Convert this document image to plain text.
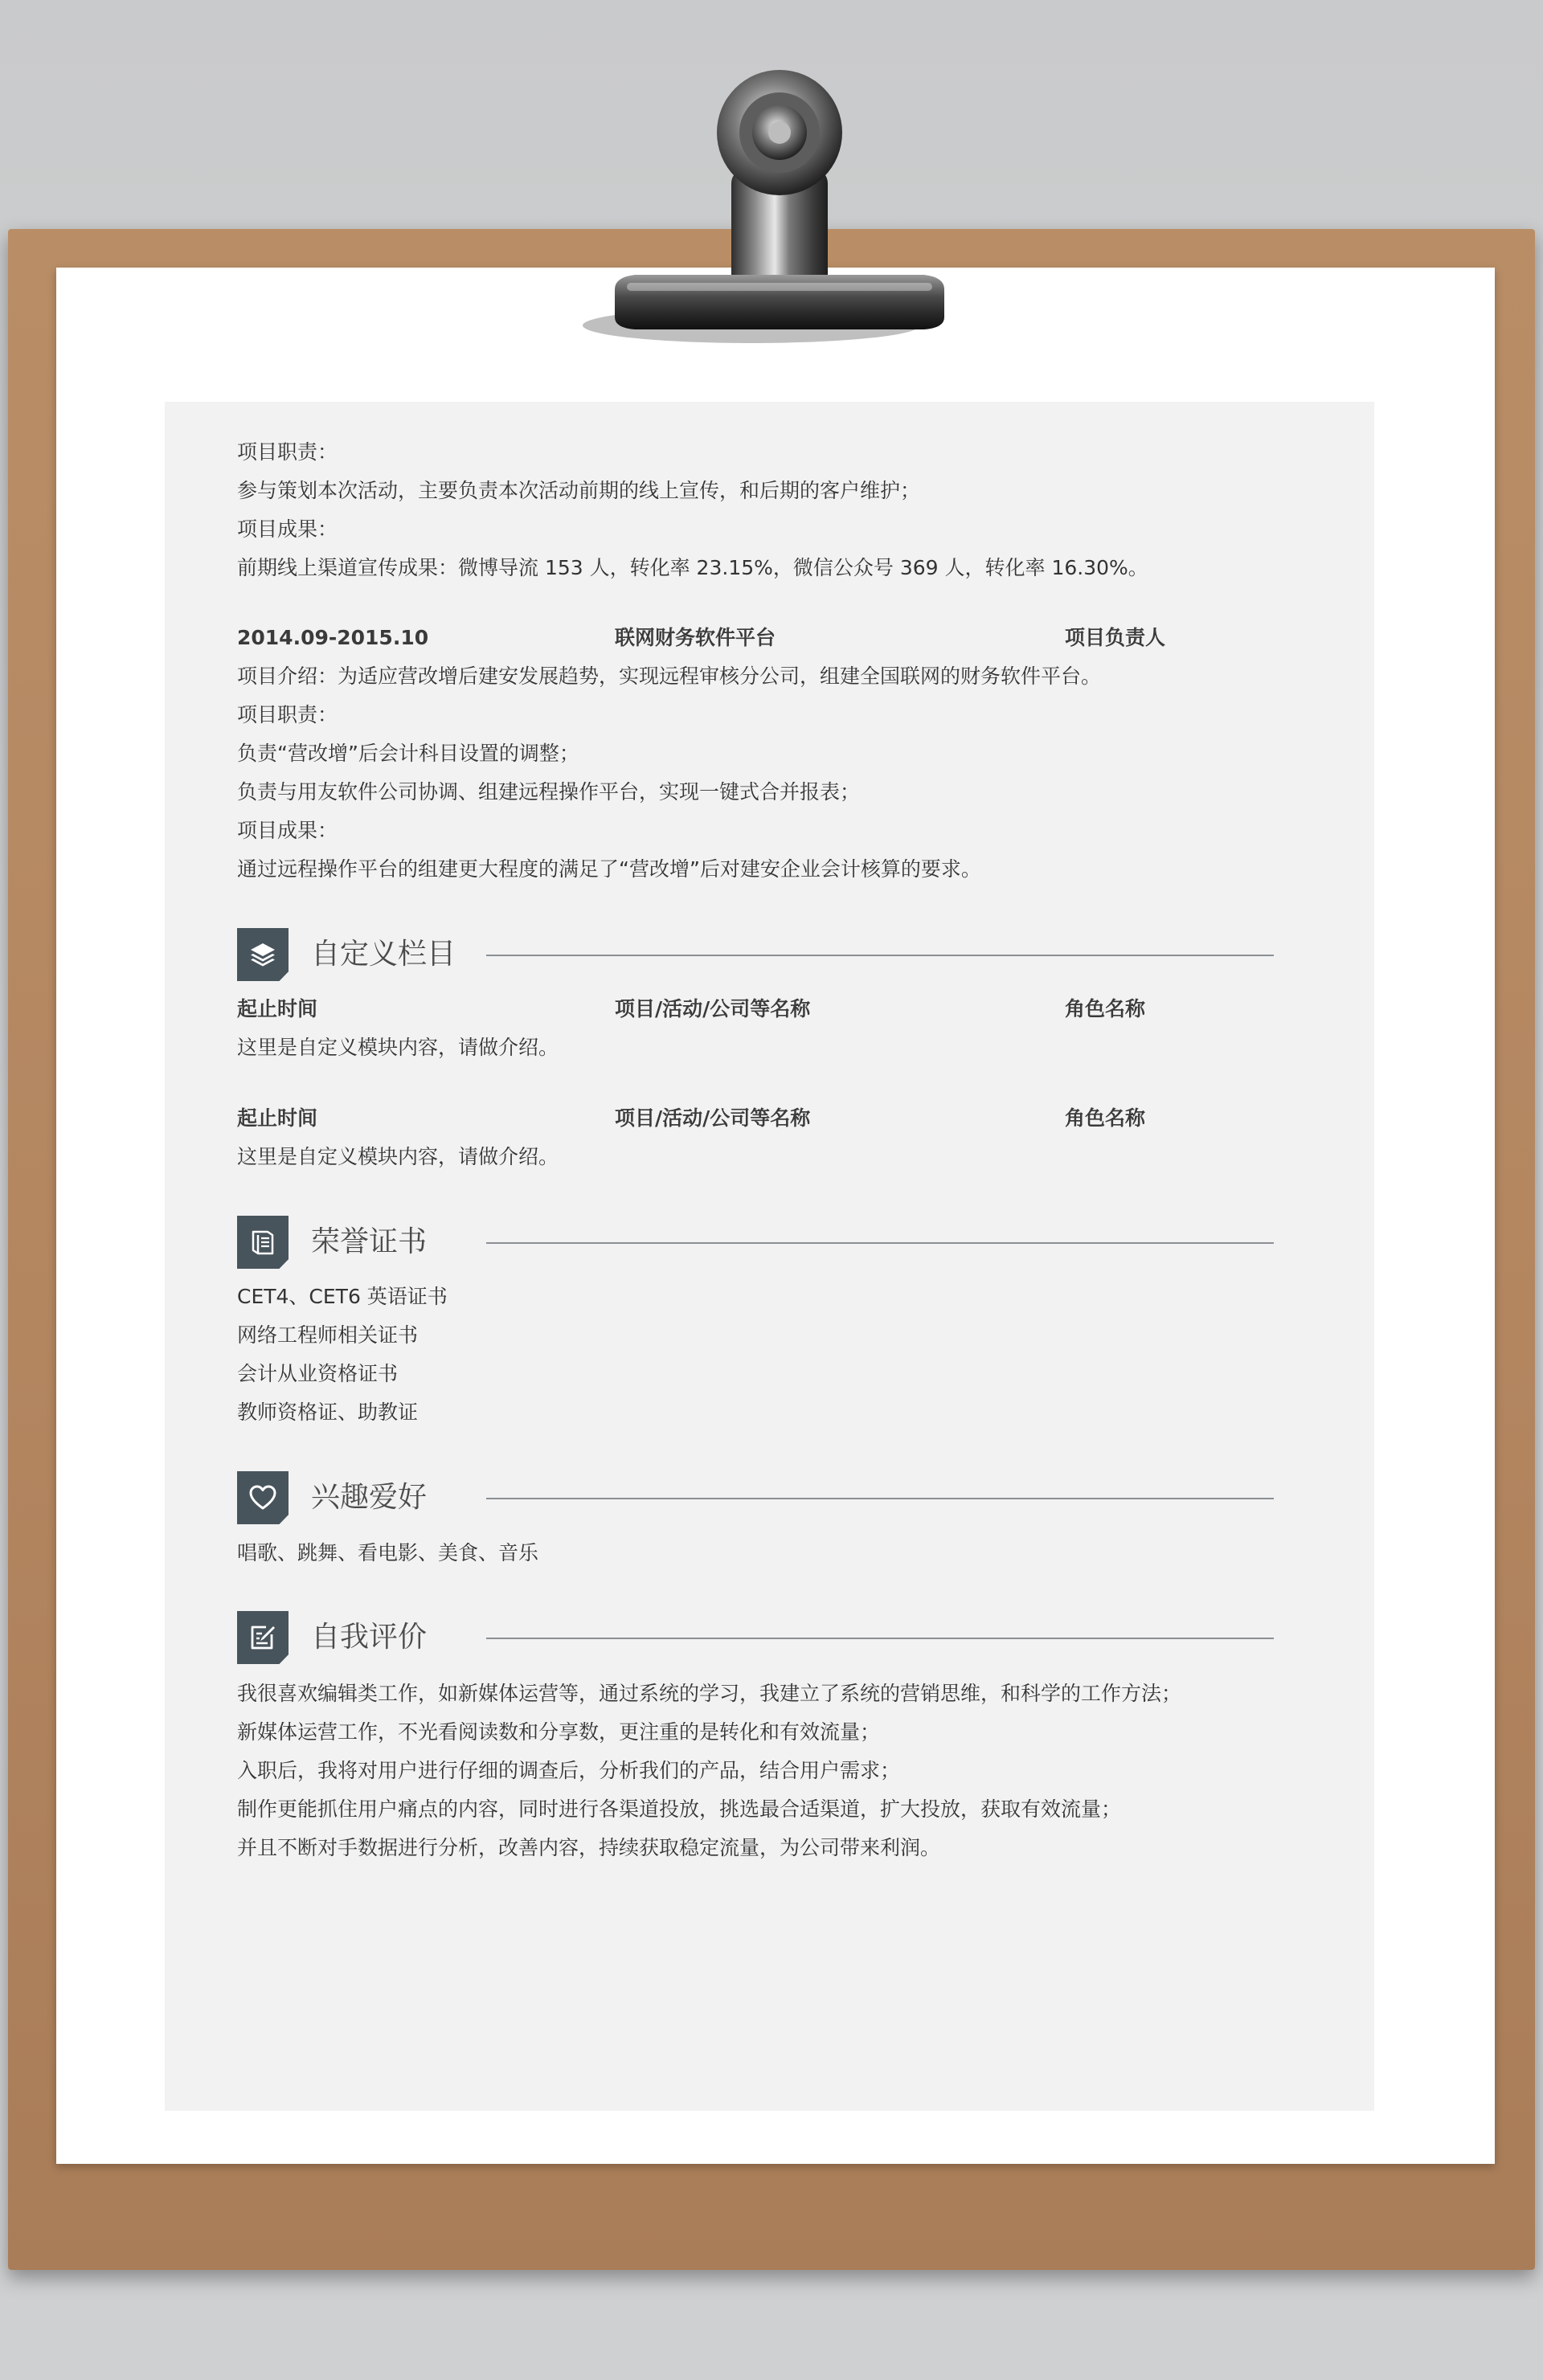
项目职责：
参与策划本次活动，主要负责本次活动前期的线上宣传，和后期的客户维护；
项目成果：
前期线上渠道宣传成果：微博导流 153 人，转化率 23.15%，微信公众号 369 人，转化率 16.30%。
2014.09-2015.10	联网财务软件平台	项目负责人
项目介绍：为适应营改增后建安发展趋势，实现远程审核分公司，组建全国联网的财务软件平台。
项目职责：
负责“营改增”后会计科目设置的调整；
负责与用友软件公司协调、组建远程操作平台，实现一键式合并报表；
项目成果：
通过远程操作平台的组建更大程度的满足了“营改增”后对建安企业会计核算的要求。
自定义栏目
起止时间	项目/活动/公司等名称	角色名称
这里是自定义模块内容，请做介绍。
起止时间	项目/活动/公司等名称	角色名称
这里是自定义模块内容，请做介绍。
荣誉证书
CET4、CET6 英语证书
网络工程师相关证书
会计从业资格证书
教师资格证、助教证
兴趣爱好
唱歌、跳舞、看电影、美食、音乐
自我评价
我很喜欢编辑类工作，如新媒体运营等，通过系统的学习，我建立了系统的营销思维，和科学的工作方法；
新媒体运营工作，不光看阅读数和分享数，更注重的是转化和有效流量；
入职后，我将对用户进行仔细的调查后，分析我们的产品，结合用户需求；
制作更能抓住用户痛点的内容，同时进行各渠道投放，挑选最合适渠道，扩大投放，获取有效流量；
并且不断对手数据进行分析，改善内容，持续获取稳定流量，为公司带来利润。
